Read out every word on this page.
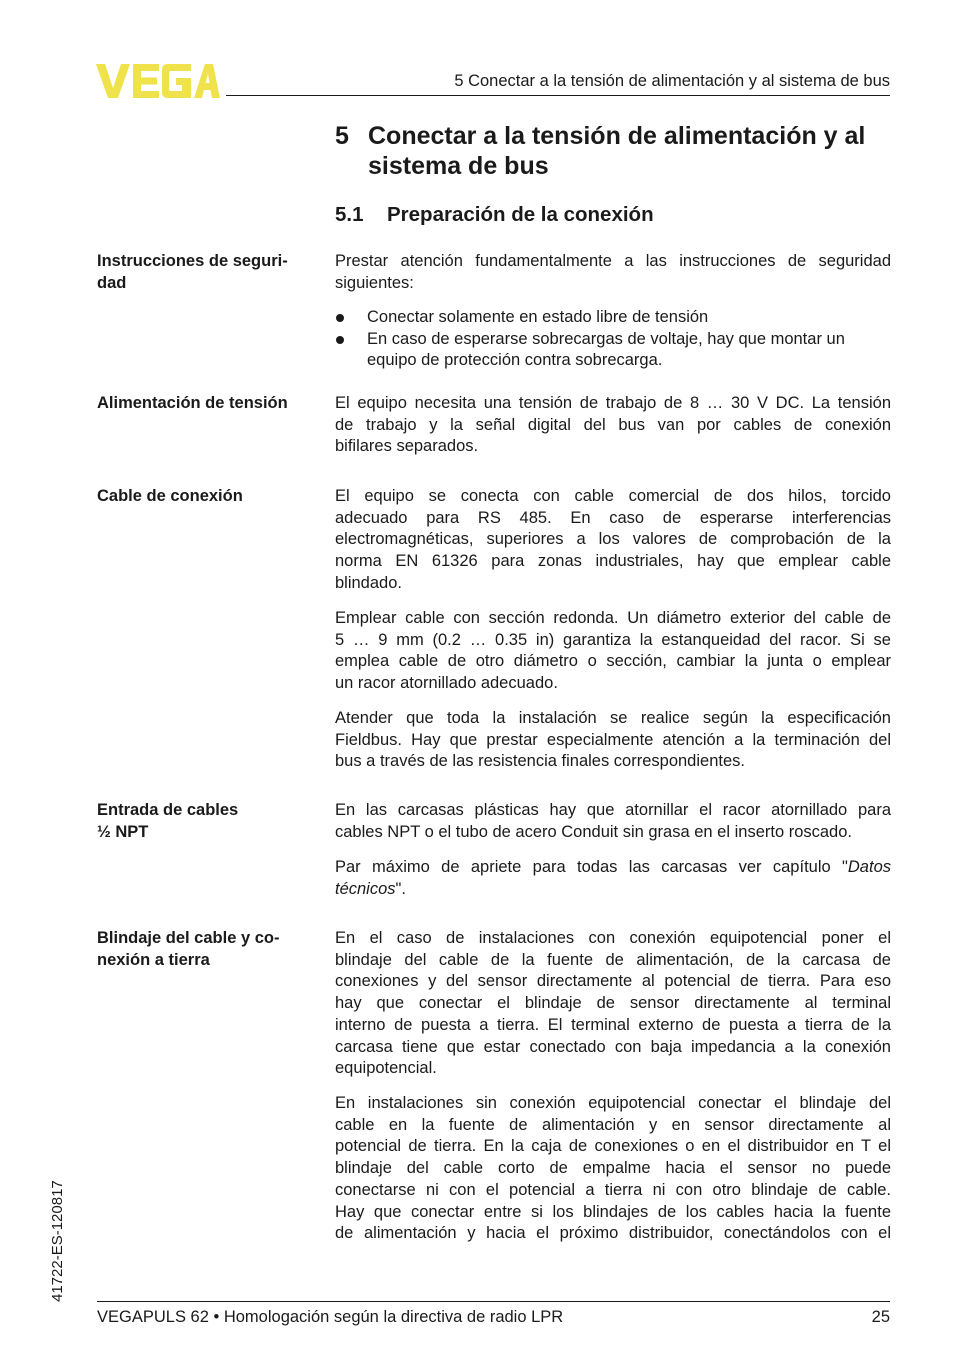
5 Conectar a la tensión de alimentación y al sistema de bus
5 Conectar a la tensión de alimentación y al sistema de bus
5.1 Preparación de la conexión
Instrucciones de seguri-
dad

Prestar atención fundamentalmente a las instrucciones de seguridad
siguientes:

Conectar solamente en estado libre de tensión
En caso de esperarse sobrecargas de voltaje, hay que montar un
equipo de protección contra sobrecarga.
Alimentación de tensión	El equipo necesita una tensión de trabajo de 8 … 30 V DC. La tensión
de trabajo y la señal digital del bus van por cables de conexión
bifilares separados.

Cable de conexión	El equipo se conecta con cable comercial de dos hilos, torcido
adecuado para RS 485. En caso de esperarse interferencias
electromagnéticas, superiores a los valores de comprobación de la
norma EN 61326 para zonas industriales, hay que emplear cable
blindado.

Emplear cable con sección redonda. Un diámetro exterior del cable de
5 … 9 mm (0.2 … 0.35 in) garantiza la estanqueidad del racor. Si se
emplea cable de otro diámetro o sección, cambiar la junta o emplear
un racor atornillado adecuado.

Atender que toda la instalación se realice según la especificación
Fieldbus. Hay que prestar especialmente atención a la terminación del
bus a través de las resistencia finales correspondientes.

Entrada de cables
½ NPT

En las carcasas plásticas hay que atornillar el racor atornillado para
cables NPT o el tubo de acero Conduit sin grasa en el inserto roscado.

Par máximo de apriete para todas las carcasas ver capítulo "Datos
técnicos".

Blindaje del cable y co-
nexión a tierra

En el caso de instalaciones con conexión equipotencial poner el
blindaje del cable de la fuente de alimentación, de la carcasa de
conexiones y del sensor directamente al potencial de tierra. Para eso
hay que conectar el blindaje de sensor directamente al terminal
interno de puesta a tierra. El terminal externo de puesta a tierra de la
carcasa tiene que estar conectado con baja impedancia a la conexión
equipotencial.

En instalaciones sin conexión equipotencial conectar el blindaje del
cable en la fuente de alimentación y en sensor directamente al
potencial de tierra. En la caja de conexiones o en el distribuidor en T el
blindaje del cable corto de empalme hacia el sensor no puede
conectarse ni con el potencial a tierra ni con otro blindaje de cable.
Hay que conectar entre si los blindajes de los cables hacia la fuente
de alimentación y hacia el próximo distribuidor, conectándolos con el

41722-ES-120817
VEGAPULS 62 • Homologación según la directiva de radio LPR	25
